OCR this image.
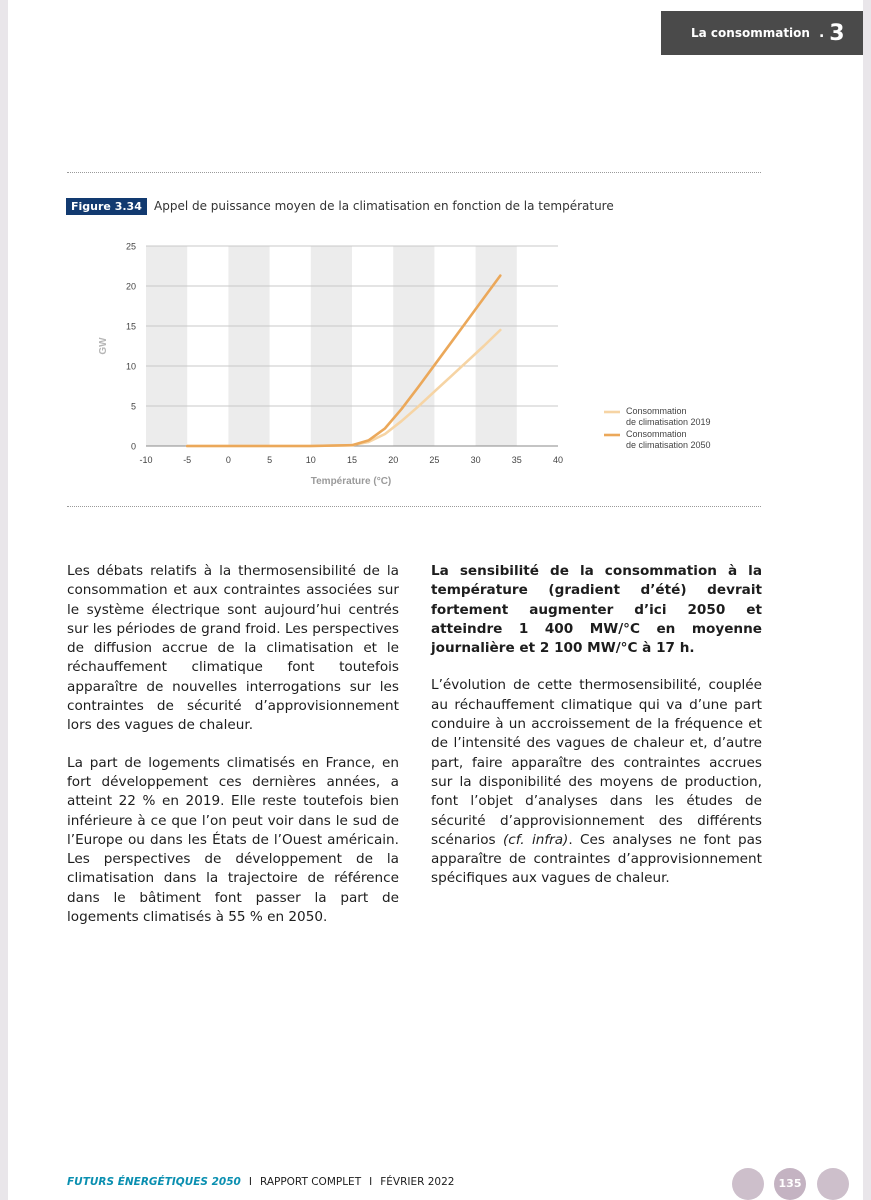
La consommation . 3
Figure 3.34	Appel de puissance moyen de la climatisation en fonction de la température
25
20
15
10
5
0
-10	-5	0	5	10	15	20	25	30	35	40
Consommation
de climatisation 2019
Consommation
de climatisation 2050
GW
Température (°C)

Les débats relatifs à la thermosensibilité de la consommation et aux contraintes associées sur le système électrique sont aujourd’hui centrés sur les périodes de grand froid. Les perspectives de diffusion accrue de la climatisation et le réchauffement climatique font toutefois apparaître de nouvelles interrogations sur les contraintes de sécurité d’approvisionnement lors des vagues de chaleur.

La part de logements climatisés en France, en fort développement ces dernières années, a atteint 22 % en 2019. Elle reste toutefois bien inférieure à ce que l’on peut voir dans le sud de l’Europe ou dans les États de l’Ouest américain. Les perspectives de développement de la climatisation dans la trajectoire de référence dans le bâtiment font passer la part de logements climatisés à 55 % en 2050.

La sensibilité de la consommation à la température (gradient d’été) devrait fortement augmenter d’ici 2050 et atteindre 1 400 MW/°C en moyenne journalière et 2 100 MW/°C à 17 h.

L’évolution de cette thermosensibilité, couplée au réchauffement climatique qui va d’une part conduire à un accroissement de la fréquence et de l’intensité des vagues de chaleur et, d’autre part, faire apparaître des contraintes accrues sur la disponibilité des moyens de production, font l’objet d’analyses dans les études de sécurité d’approvisionnement des différents scénarios (cf. infra). Ces analyses ne font pas apparaître de contraintes d’approvisionnement spécifiques aux vagues de chaleur.

FUTURS ÉNERGÉTIQUES 2050 I RAPPORT COMPLET I FÉVRIER 2022	135
